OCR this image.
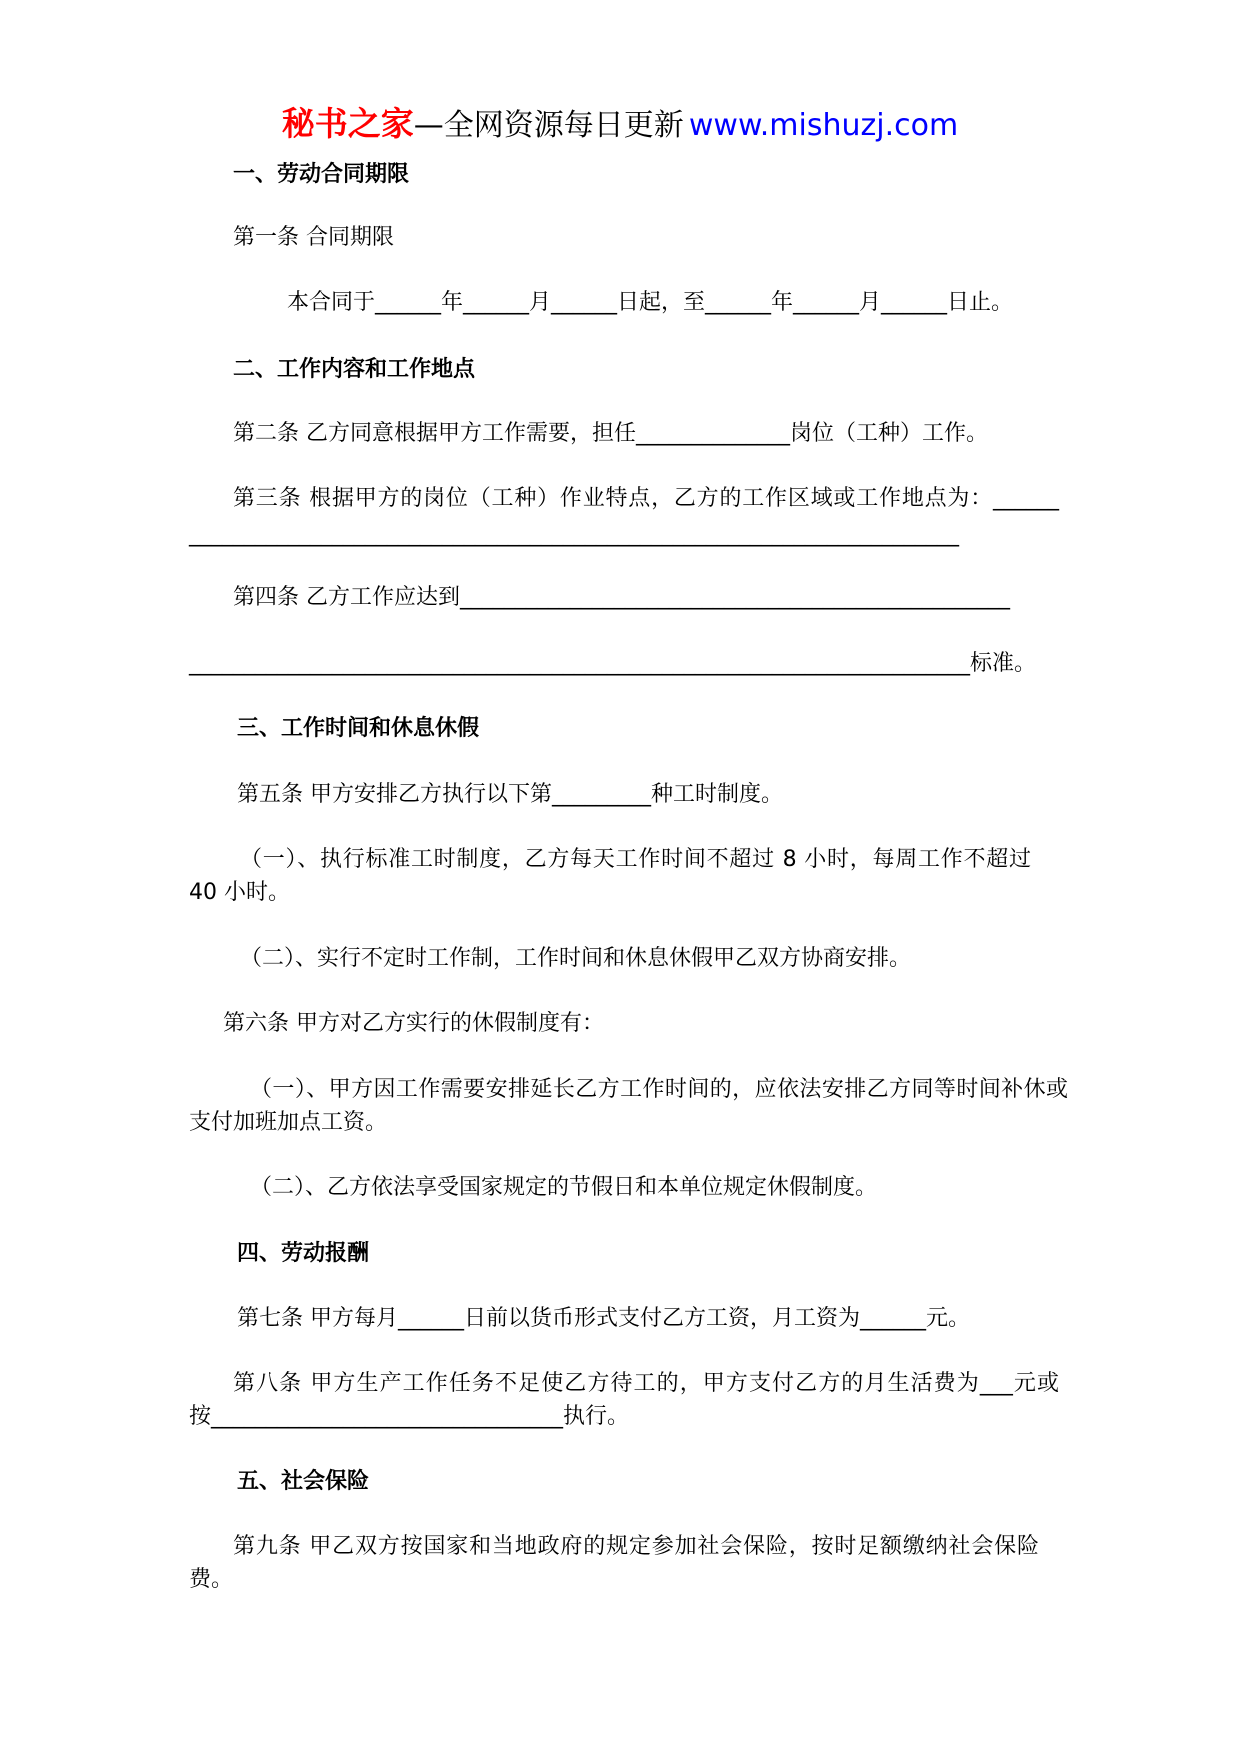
秘书之家—全网资源每日更新 www.mishuzj.com
一、劳动合同期限
第一条 合同期限
本合同于______年______月______日起，至______年______月______日止。
二、工作内容和工作地点
第二条 乙方同意根据甲方工作需要，担任______________岗位（工种）工作。
第三条 根据甲方的岗位（工种）作业特点，乙方的工作区域或工作地点为：______
______________________________________________________________________
第四条 乙方工作应达到__________________________________________________
_______________________________________________________________________标准。
三、工作时间和休息休假
第五条 甲方安排乙方执行以下第_________种工时制度。
（一）、执行标准工时制度，乙方每天工作时间不超过 8 小时，每周工作不超过
40 小时。
（二）、实行不定时工作制，工作时间和休息休假甲乙双方协商安排。
第六条 甲方对乙方实行的休假制度有：
（一）、甲方因工作需要安排延长乙方工作时间的，应依法安排乙方同等时间补休或
支付加班加点工资。
（二）、乙方依法享受国家规定的节假日和本单位规定休假制度。
四、劳动报酬
第七条 甲方每月______日前以货币形式支付乙方工资，月工资为______元。
第八条 甲方生产工作任务不足使乙方待工的，甲方支付乙方的月生活费为___元或
按________________________________执行。
五、社会保险
第九条 甲乙双方按国家和当地政府的规定参加社会保险，按时足额缴纳社会保险
费。
